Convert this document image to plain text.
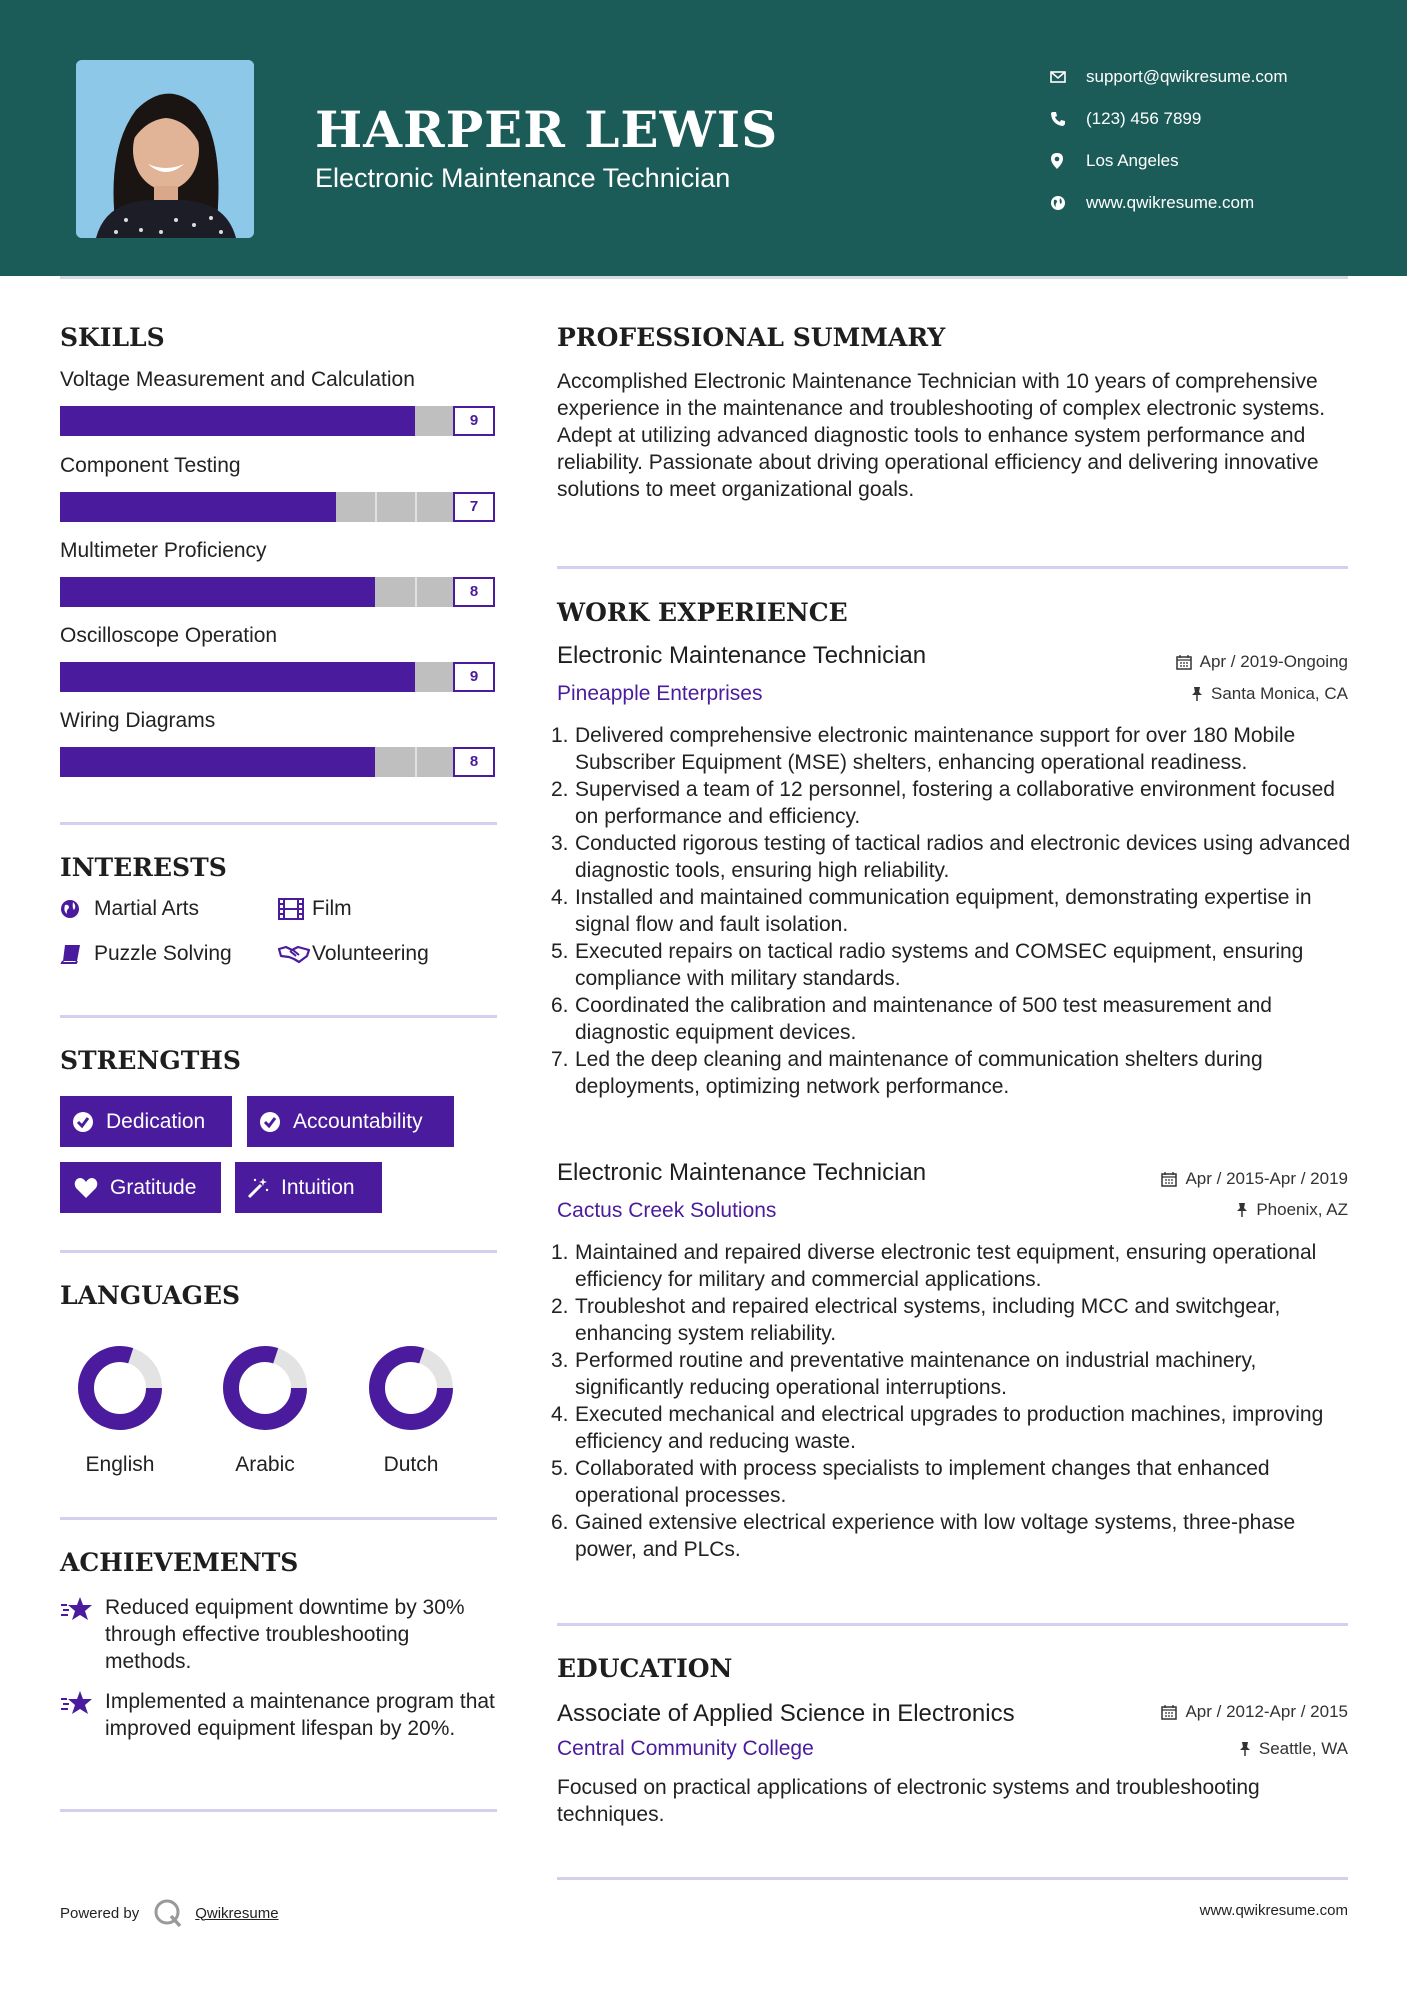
HARPER LEWIS
Electronic Maintenance Technician
support@qwikresume.com
(123) 456 7899
Los Angeles
www.qwikresume.com
SKILLS
Voltage Measurement and Calculation
9
Component Testing
7
Multimeter Proficiency
8
Oscilloscope Operation
9
Wiring Diagrams
8
INTERESTS
Martial Arts	Film
Puzzle Solving	Volunteering
STRENGTHS
Dedication	Accountability
Gratitude	Intuition
LANGUAGES
English	Arabic	Dutch
ACHIEVEMENTS
Reduced equipment downtime by 30% through effective troubleshooting methods.
Implemented a maintenance program that improved equipment lifespan by 20%.
PROFESSIONAL SUMMARY

Accomplished Electronic Maintenance Technician with 10 years of comprehensive experience in the maintenance and troubleshooting of complex electronic systems. Adept at utilizing advanced diagnostic tools to enhance system performance and reliability. Passionate about driving operational efficiency and delivering innovative solutions to meet organizational goals.

WORK EXPERIENCE
Electronic Maintenance Technician	Apr / 2019-Ongoing
Pineapple Enterprises	Santa Monica, CA
1. Delivered comprehensive electronic maintenance support for over 180 Mobile Subscriber Equipment (MSE) shelters, enhancing operational readiness.
2. Supervised a team of 12 personnel, fostering a collaborative environment focused on performance and efficiency.
3. Conducted rigorous testing of tactical radios and electronic devices using advanced diagnostic tools, ensuring high reliability.
4. Installed and maintained communication equipment, demonstrating expertise in signal flow and fault isolation.
5. Executed repairs on tactical radio systems and COMSEC equipment, ensuring compliance with military standards.
6. Coordinated the calibration and maintenance of 500 test measurement and diagnostic equipment devices.
7. Led the deep cleaning and maintenance of communication shelters during deployments, optimizing network performance.
Electronic Maintenance Technician	Apr / 2015-Apr / 2019
Cactus Creek Solutions	Phoenix, AZ
1. Maintained and repaired diverse electronic test equipment, ensuring operational efficiency for military and commercial applications.
2. Troubleshot and repaired electrical systems, including MCC and switchgear, enhancing system reliability.
3. Performed routine and preventative maintenance on industrial machinery, significantly reducing operational interruptions.
4. Executed mechanical and electrical upgrades to production machines, improving efficiency and reducing waste.
5. Collaborated with process specialists to implement changes that enhanced operational processes.
6. Gained extensive electrical experience with low voltage systems, three-phase power, and PLCs.
EDUCATION
Associate of Applied Science in Electronics	Apr / 2012-Apr / 2015
Central Community College	Seattle, WA
Focused on practical applications of electronic systems and troubleshooting techniques.
Powered by	Qwikresume	www.qwikresume.com
